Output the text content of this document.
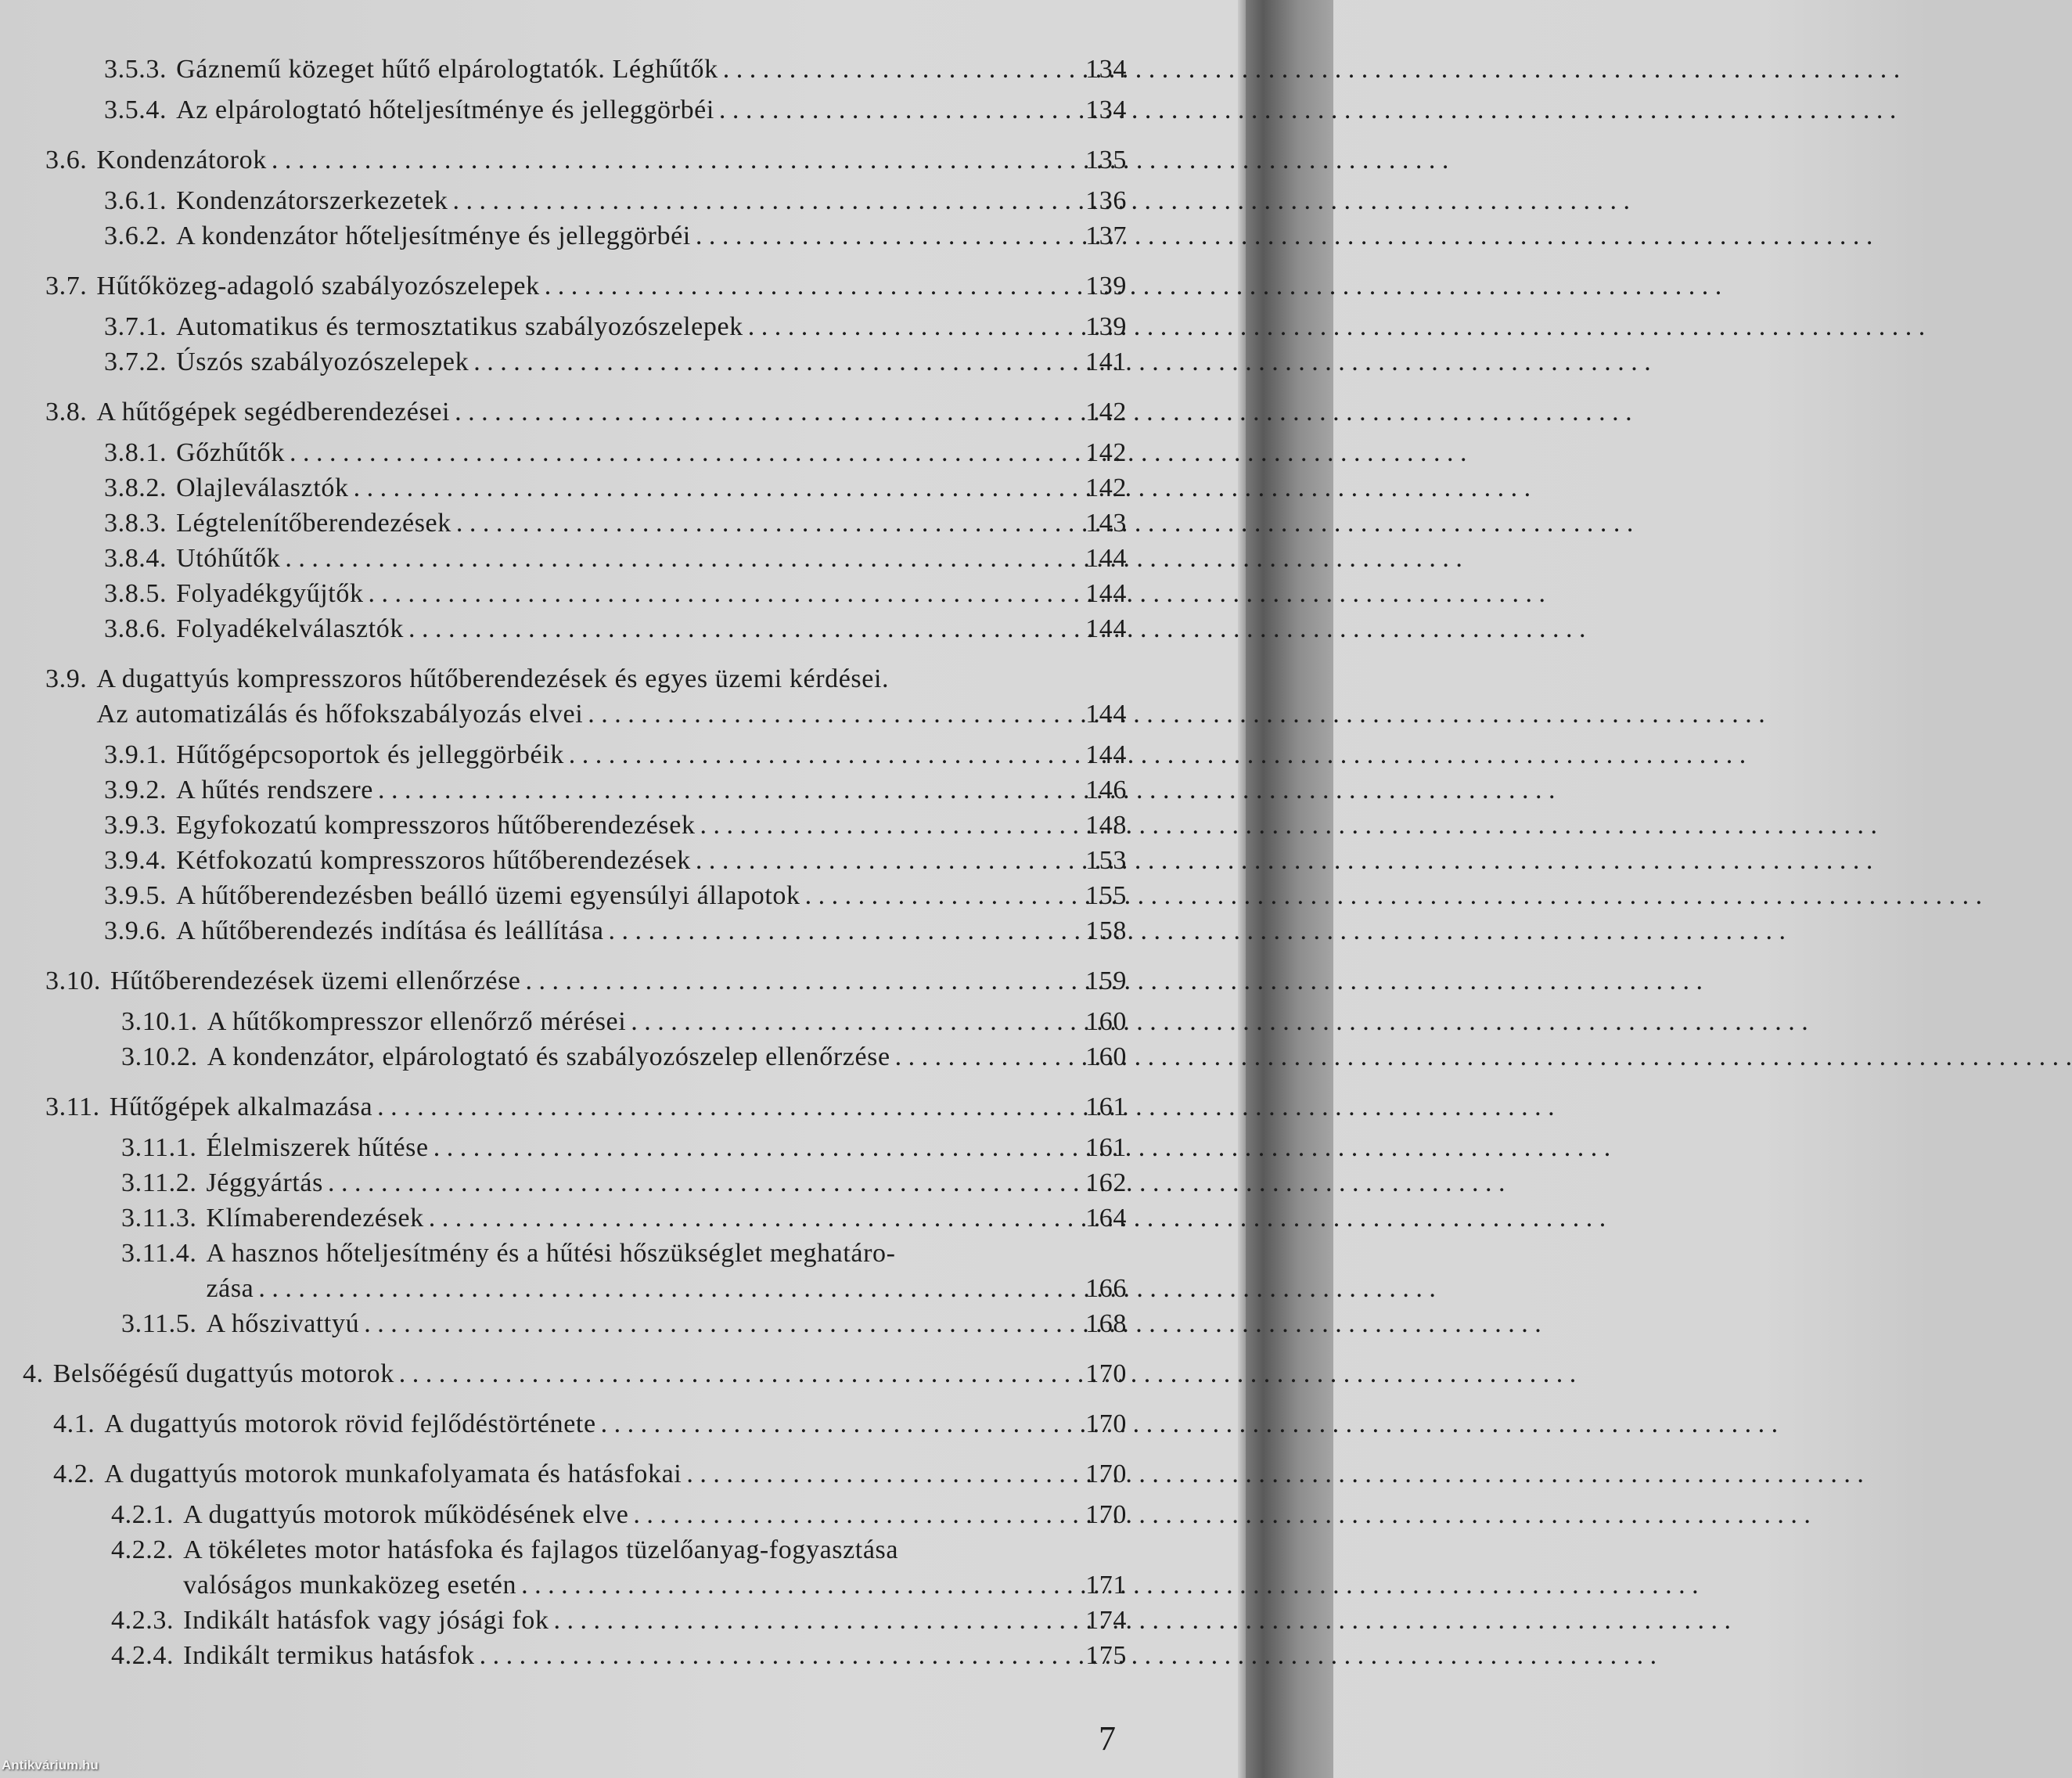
3.5.3. Gáznemű közeget hűtő elpárologtatók. Léghűtők . . .	134
3.5.4. Az elpárologtató hőteljesítménye és jelleggörbéi . . .	134
3.6. Kondenzátorok . . .	135
3.6.1. Kondenzátorszerkezetek . . .	136
3.6.2. A kondenzátor hőteljesítménye és jelleggörbéi . . .	137
3.7. Hűtőközeg-adagoló szabályozószelepek . . .	139
3.7.1. Automatikus és termosztatikus szabályozószelepek . . .	139
3.7.2. Úszós szabályozószelepek . . .	141
3.8. A hűtőgépek segédberendezései . . .	142
3.8.1. Gőzhűtők . . .	142
3.8.2. Olajleválasztók . . .	142
3.8.3. Légtelenítőberendezések . . .	143
3.8.4. Utóhűtők . . .	144
3.8.5. Folyadékgyűjtők . . .	144
3.8.6. Folyadékelválasztók . . .	144
3.9. A dugattyús kompresszoros hűtőberendezések és egyes üzemi kérdései.
Az automatizálás és hőfokszabályozás elvei . . .	144
3.9.1. Hűtőgépcsoportok és jelleggörbéik . . .	144
3.9.2. A hűtés rendszere . . .	146
3.9.3. Egyfokozatú kompresszoros hűtőberendezések . . .	148
3.9.4. Kétfokozatú kompresszoros hűtőberendezések . . .	153
3.9.5. A hűtőberendezésben beálló üzemi egyensúlyi állapotok . . .	155
3.9.6. A hűtőberendezés indítása és leállítása . . .	158
3.10. Hűtőberendezések üzemi ellenőrzése . . .	159
3.10.1. A hűtőkompresszor ellenőrző mérései . . .	160
3.10.2. A kondenzátor, elpárologtató és szabályozószelep ellenőrzése . . .	160
3.11. Hűtőgépek alkalmazása . . .	161
3.11.1. Élelmiszerek hűtése . . .	161
3.11.2. Jéggyártás . . .	162
3.11.3. Klímaberendezések . . .	164
3.11.4. A hasznos hőteljesítmény és a hűtési hőszükséglet meghatáro-
zása . . .	166
3.11.5. A hőszivattyú . . .	168
4. Belsőégésű dugattyús motorok . . .	170
4.1. A dugattyús motorok rövid fejlődéstörténete . . .	170
4.2. A dugattyús motorok munkafolyamata és hatásfokai . . .	170
4.2.1. A dugattyús motorok működésének elve . . .	170
4.2.2. A tökéletes motor hatásfoka és fajlagos tüzelőanyag-fogyasztása
valóságos munkaközeg esetén . . .	171
4.2.3. Indikált hatásfok vagy jósági fok . . .	174
4.2.4. Indikált termikus hatásfok . . .	175
7
Antikvárium.hu
